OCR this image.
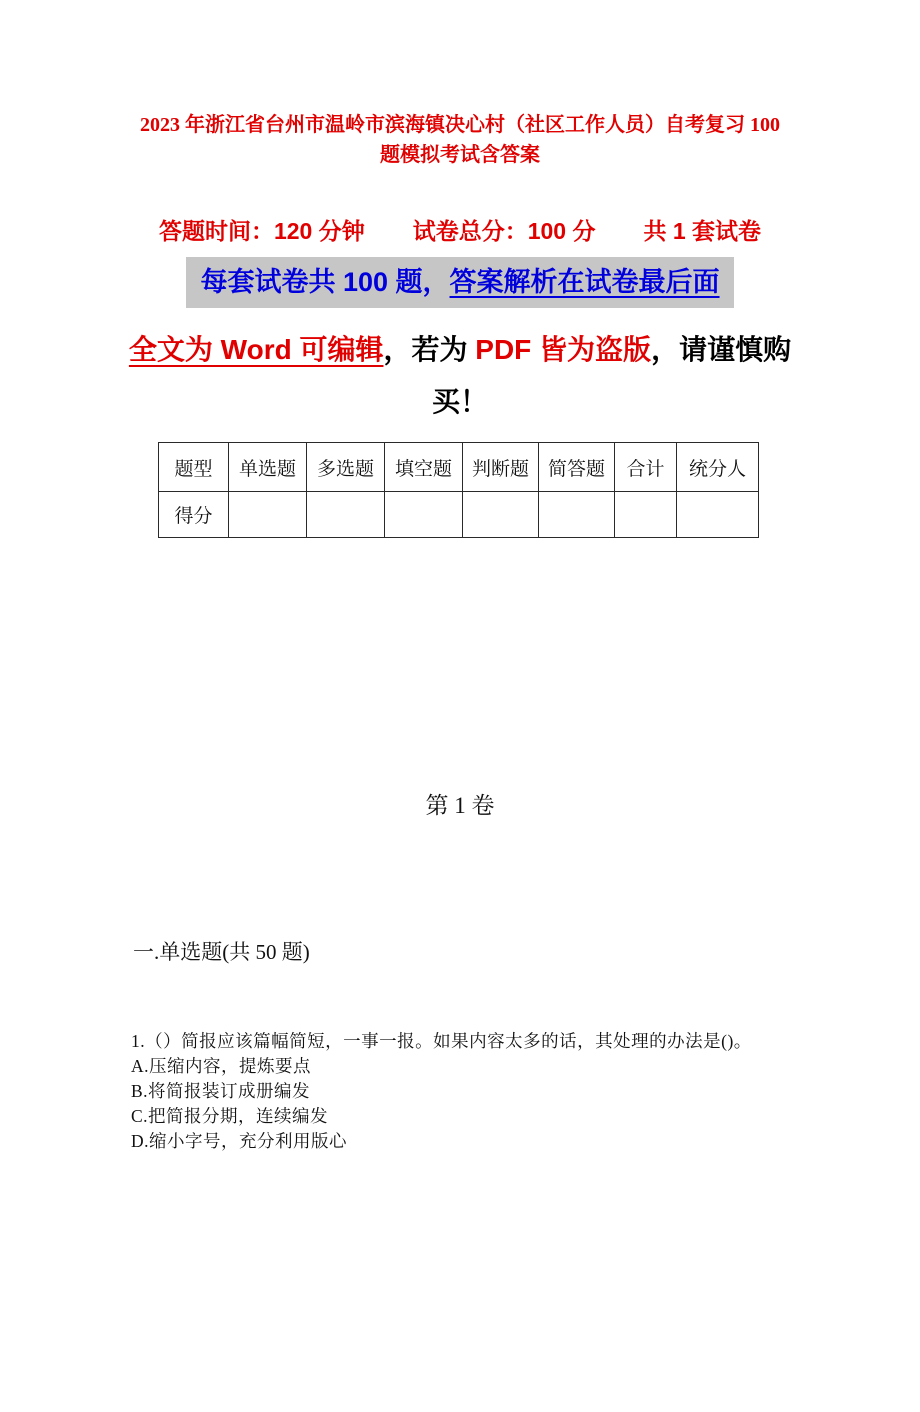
2023 年浙江省台州市温岭市滨海镇决心村（社区工作人员）自考复习 100 题模拟考试含答案
答题时间：120 分钟 试卷总分：100 分 共 1 套试卷
每套试卷共 100 题，答案解析在试卷最后面
全文为 Word 可编辑，若为 PDF 皆为盗版，请谨慎购
买！
题型	单选题	多选题	填空题	判断题	简答题	合计	统分人
得分							
第 1 卷
一.单选题(共 50 题)
1.（）简报应该篇幅简短，一事一报。如果内容太多的话，其处理的办法是()。
A.压缩内容，提炼要点
B.将简报装订成册编发
C.把简报分期，连续编发
D.缩小字号，充分利用版心
